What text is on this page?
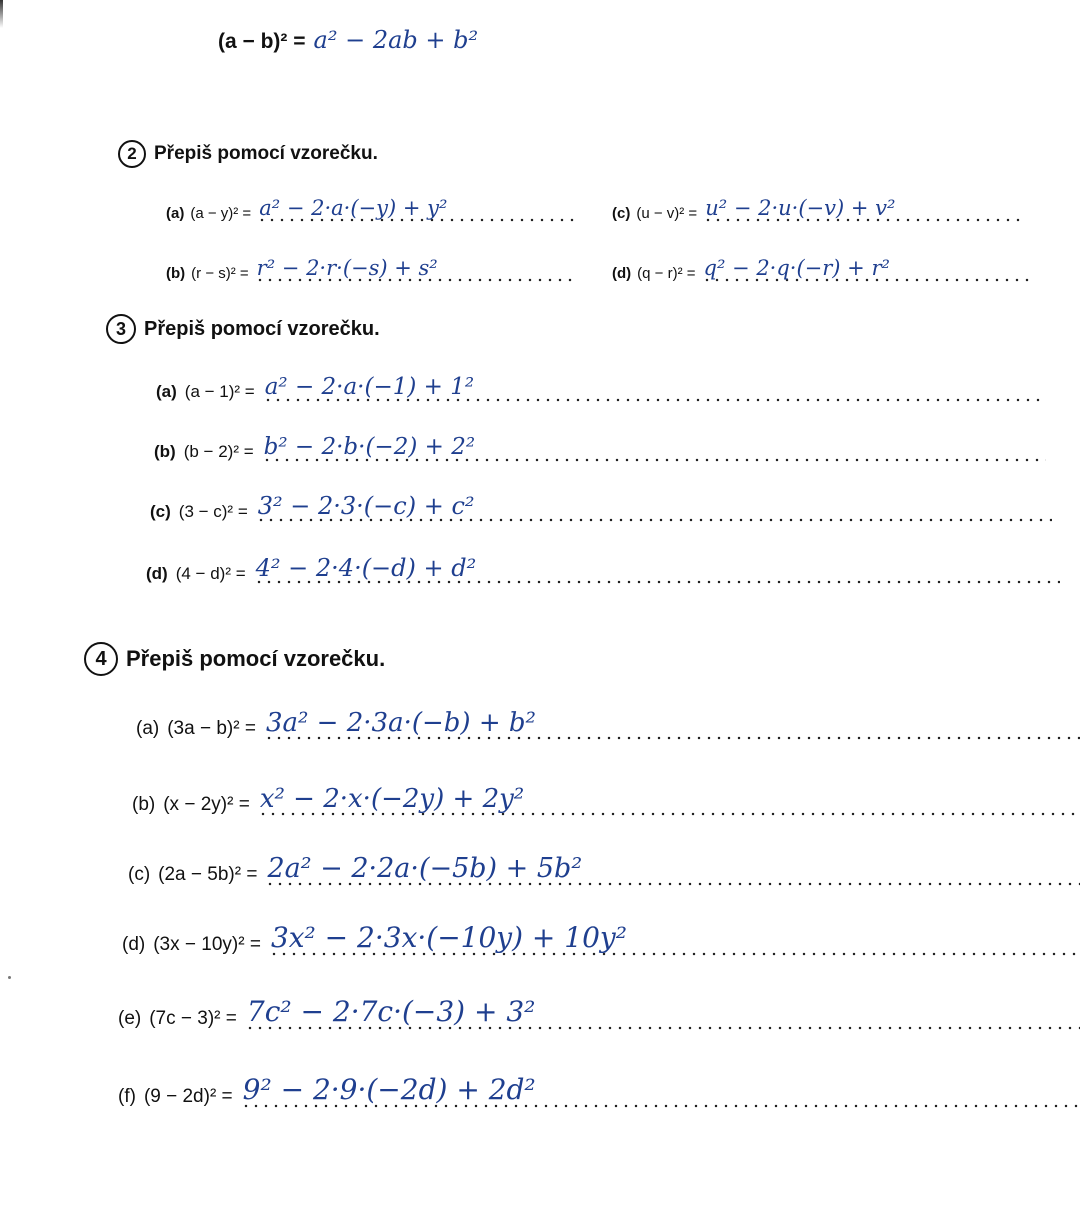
(a − b)² = a² − 2ab + b²
2 Přepiš pomocí vzorečku.
(a) (a − y)² = a² − 2·a·(−y) + y²
(b) (r − s)² = r² − 2·r·(−s) + s²
(c) (u − v)² = u² − 2·u·(−v) + v²
(d) (q − r)² = q² − 2·q·(−r) + r²
3 Přepiš pomocí vzorečku.
(a) (a − 1)² = a² − 2·a·(−1) + 1²
(b) (b − 2)² = b² − 2·b·(−2) + 2²
(c) (3 − c)² = 3² − 2·3·(−c) + c²
(d) (4 − d)² = 4² − 2·4·(−d) + d²
4 Přepiš pomocí vzorečku.
(a) (3a − b)² = 3a² − 2·3a·(−b) + b²
(b) (x − 2y)² = x² − 2·x·(−2y) + 2y²
(c) (2a − 5b)² = 2a² − 2·2a·(−5b) + 5b²
(d) (3x − 10y)² = 3x² − 2·3x·(−10y) + 10y²
(e) (7c − 3)² = 7c² − 2·7c·(−3) + 3²
(f) (9 − 2d)² = 9² − 2·9·(−2d) + 2d²
